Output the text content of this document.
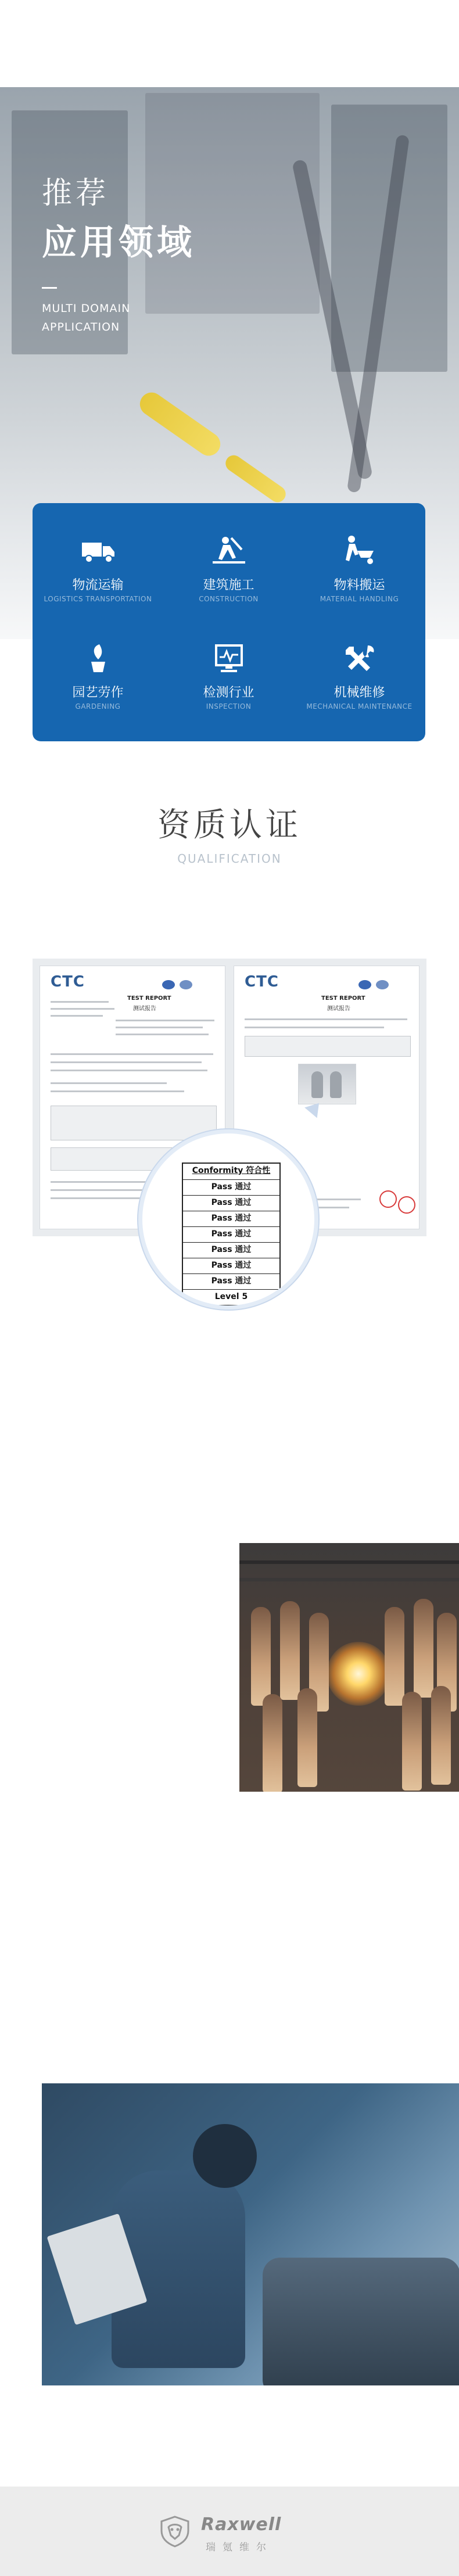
推荐
应用领域
MULTI DOMAIN
APPLICATION
物流运输
LOGISTICS TRANSPORTATION
建筑施工
CONSTRUCTION
物料搬运
MATERIAL HANDLING
园艺劳作
GARDENING
检测行业
INSPECTION
机械维修
MECHANICAL MAINTENANCE
资质认证
QUALIFICATION
CTC
TEST REPORT
测试报告
CTC
TEST REPORT
测试报告
Conformity 符合性
Pass 通过
Pass 通过
Pass 通过
Pass 通过
Pass 通过
Pass 通过
Pass 通过
Level 5
PU浸胶
耐磨防滑
透气舒适
良好的抗污防潮能力，易于清洁维护，同时轻薄的PU浸胶涂层能为使用者提供高灵活度及其他便利。
适用于精密操作
机械维修等工况
Raxwell
瑞氪维尔
